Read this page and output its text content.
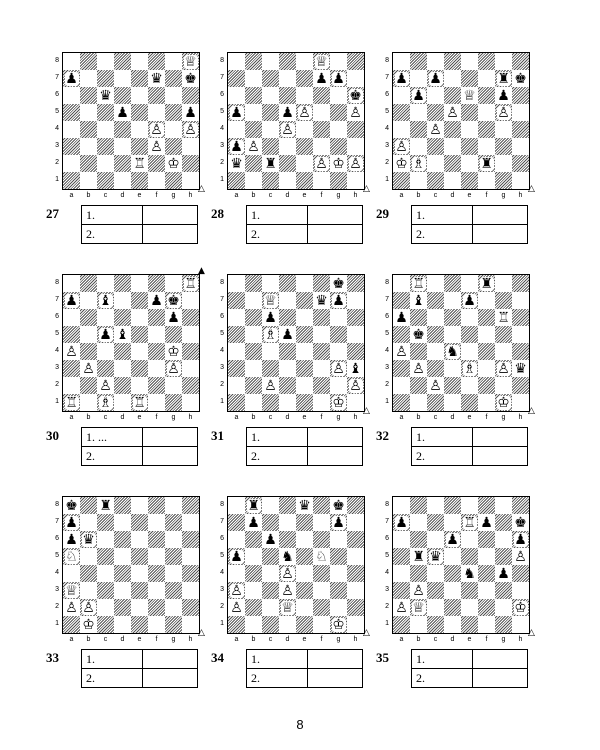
♕
♟	♛ ♚
♛
♟	♟
♙ ♙
♙
♖ ♔
8
7
6
5
4
3
2
1
a	b	c	d	e	f	g	h
△
27 1.	
2.	
♕
♟ ♟
♚
♟	♟ ♙	♙
♙
♟ ♙
♛ ♜	♙ ♔ ♙
8
7
6
5
4
3
2
1
a	b	c	d	e	f	g	h
△
28 1.	
2.	
♟ ♟	♜ ♚
♟	♕ ♟
♙	♙
♙
♙
♔ ♗	♜
8
7
6
5
4
3
2
1
a	b	c	d	e	f	g	h
△
29 1.	
2.	
♖
♟ ♝	♟ ♚
♟
♟ ♝
♙	♔
♙	♙
♙
♖ ♗ ♖
8
7
6
5
4
3
2
1
a	b	c	d	e	f	g	h
▲
30 1. ...	
2.	
♚
♕	♛ ♟
♟
♗ ♟
♙ ♝
♙	♙
♔
8
7
6
5
4
3
2
1
a	b	c	d	e	f	g	h
△
31 1.	
2.	
♖	♜
♝	♟
♟	♖
♚
♙	♞
♙	♗ ♙ ♛
♙
♔
8
7
6
5
4
3
2
1
a	b	c	d	e	f	g	h
△
32 1.	
2.	
♚ ♜
♟
♟ ♛
♘
♕
♙ ♙
♔
8
7
6
5
4
3
2
1
a	b	c	d	e	f	g	h
△
33 1.	
2.	
♜	♛ ♚
♟	♟
♟
♟	♞ ♘
♙
♙	♙
♙	♕
♔
8
7
6
5
4
3
2
1
a	b	c	d	e	f	g	h
△
34 1.	
2.	
♟	♖ ♟ ♚
♟	♟
♜ ♛	♙
♞ ♟
♙
♙ ♕	♔
8
7
6
5
4
3
2
1
a	b	c	d	e	f	g	h
△
35 1.	
2.	
8
